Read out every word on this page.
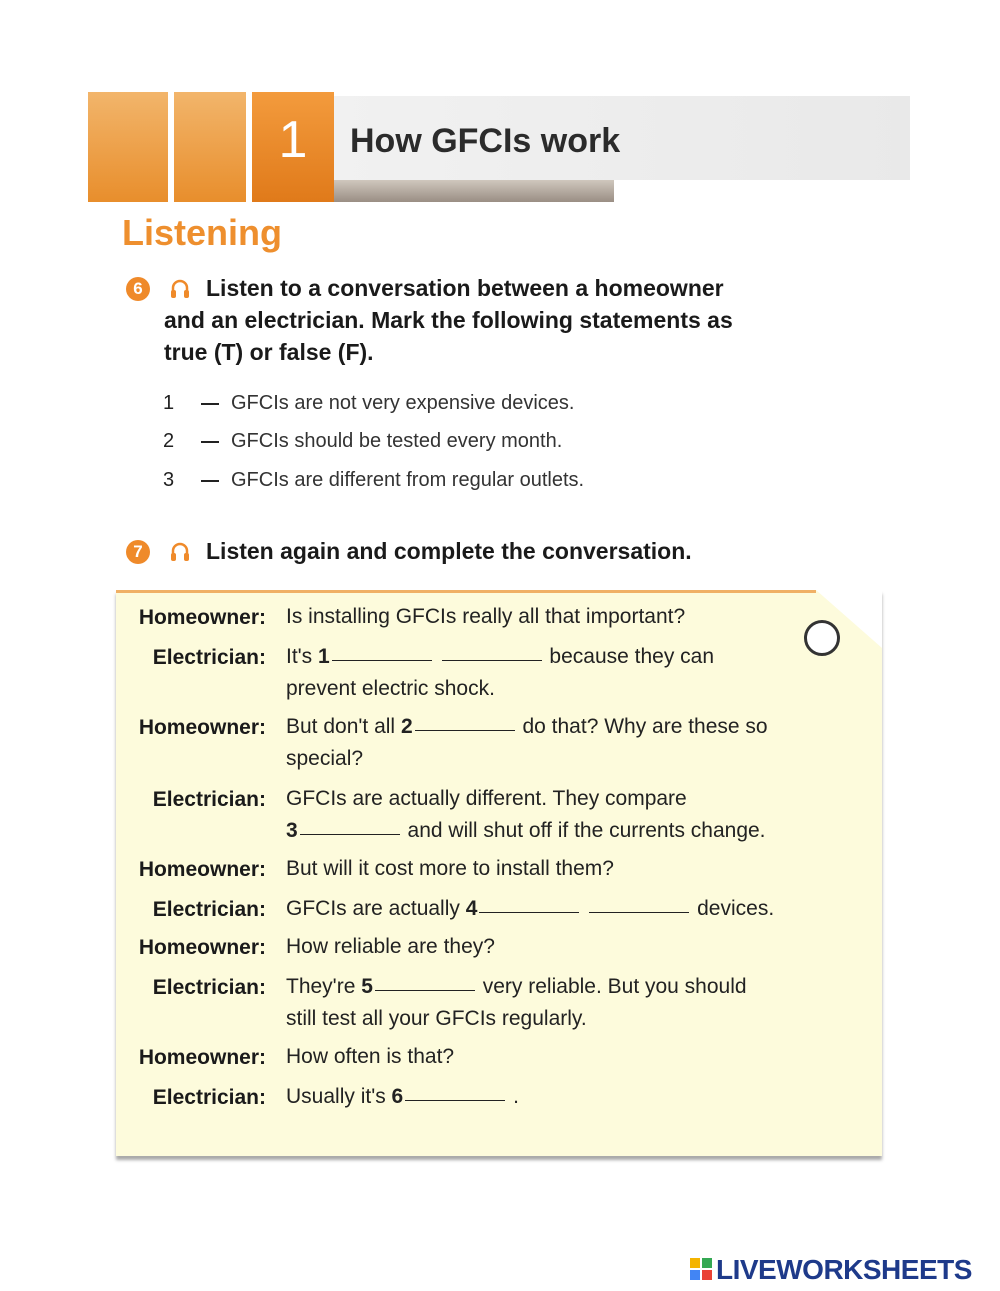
1	How GFCIs work
Listening
6	Listen to a conversation between a homeowner
and an electrician. Mark the following statements as
true (T) or false (F).
1	GFCIs are not very expensive devices.
2	GFCIs should be tested every month.
3	GFCIs are different from regular outlets.
7	Listen again and complete the conversation.
Homeowner: Is installing GFCIs really all that important?
Electrician: It's 1	because they can
prevent electric shock.
Homeowner: But don't all 2	do that? Why are these so
special?
Electrician: GFCIs are actually different. They compare
3	and will shut off if the currents change.
Homeowner: But will it cost more to install them?
Electrician: GFCIs are actually 4	devices.
Homeowner: How reliable are they?
Electrician: They're 5	very reliable. But you should
still test all your GFCIs regularly.
Homeowner: How often is that?
Electrician: Usually it's 6	.
LIVEWORKSHEETS
